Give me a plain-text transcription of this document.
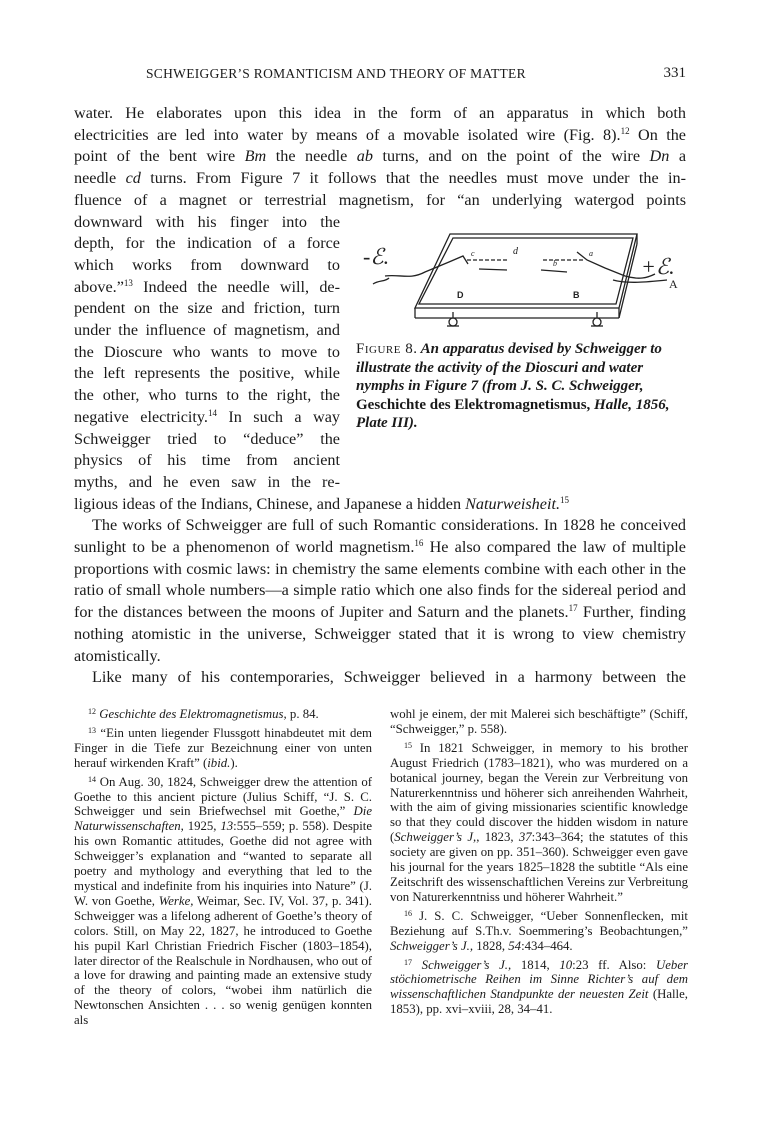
SCHWEIGGER’S ROMANTICISM AND THEORY OF MATTER	331

water. He elaborates upon this idea in the form of an apparatus in which both

electricities are led into water by means of a movable isolated wire (Fig. 8).$^{12}$ On the

point of the bent wire Bm the needle ab turns, and on the point of the wire Dn a

needle cd turns. From Figure 7 it follows that the needles must move under the in-

fluence of a magnet or terrestrial magnetism, for “an underlying watergod points

downward with his finger into the

depth, for the indication of a force

which works from downward to

above.”$^{13}$ Indeed the needle will, de-

pendent on the size and friction, turn

under the influence of magnetism, and

the Dioscure who wants to move to

the left represents the positive, while

the other, who turns to the right, the

negative electricity.$^{14}$ In such a way

Schweigger tried to “deduce” the

physics of his time from ancient

myths, and he even saw in the re-

ligious ideas of the Indians, Chinese, and Japanese a hidden Naturweisheit.$^{15}$

The works of Schweigger are full of such Romantic considerations. In 1828 he conceived sunlight to be a phenomenon of world magnetism.$^{16}$ He also compared the law of multiple proportions with cosmic laws: in chemistry the same elements combine with each other in the ratio of small whole numbers—a simple ratio which one also finds for the sidereal period and for the distances between the moons of Jupiter and Saturn and the planets.$^{17}$ Further, finding nothing atomistic in the universe, Schweigger stated that it is wrong to view chemistry atomistically.

Like many of his contemporaries, Schweigger believed in a harmony between the

-ℰ.	+ℰ.
A
D	B
c	d	a
b
Figure 8. An apparatus devised by Schweigger to illustrate the activity of the Dioscuri and water nymphs in Figure 7 (from J. S. C. Schweigger, Geschichte des Elektromagnetismus, Halle, 1856, Plate III).

$^{12}$ Geschichte des Elektromagnetismus, p. 84.

$^{13}$ “Ein unten liegender Flussgott hinabdeutet mit dem Finger in die Tiefe zur Bezeichnung einer von unten herauf wirkenden Kraft” (ibid.).

$^{14}$ On Aug. 30, 1824, Schweigger drew the attention of Goethe to this ancient picture (Julius Schiff, “J. S. C. Schweigger und sein Briefwechsel mit Goethe,” Die Naturwissenschaften, 1925, 13:555–559; p. 558). Despite his own Romantic attitudes, Goethe did not agree with Schweigger’s explanation and “wanted to separate all poetry and mythology and everything that led to the mystical and indefinite from his inquiries into Nature” (J. W. von Goethe, Werke, Weimar, Sec. IV, Vol. 37, p. 341). Schweigger was a lifelong adherent of Goethe’s theory of colors. Still, on May 22, 1827, he introduced to Goethe his pupil Karl Christian Friedrich Fischer (1803–1854), later director of the Realschule in Nordhausen, who out of a love for drawing and painting made an extensive study of the theory of colors, “wobei ihm natürlich die Newtonschen Ansichten . . . so wenig genügen konnten als

wohl je einem, der mit Malerei sich beschäftigte” (Schiff, “Schweigger,” p. 558).

$^{15}$ In 1821 Schweigger, in memory to his brother August Friedrich (1783–1821), who was murdered on a botanical journey, began the Verein zur Verbreitung von Naturerkenntniss und höherer sich anreihenden Wahrheit, with the aim of giving missionaries scientific knowledge so that they could discover the hidden wisdom in nature (Schweigger’s J,, 1823, 37:343–364; the statutes of this society are given on pp. 351–360). Schweigger even gave his journal for the years 1825–1828 the subtitle “Als eine Zeitschrift des wissenschaftlichen Vereins zur Verbreitung von Naturerkenntniss und höherer Wahrheit.”

$^{16}$ J. S. C. Schweigger, “Ueber Sonnenflecken, mit Beziehung auf S.Th.v. Soemmering’s Beobachtungen,” Schweigger’s J., 1828, 54:434–464.

$^{17}$ Schweigger’s J., 1814, 10:23 ff. Also: Ueber stöchiometrische Reihen im Sinne Richter’s auf dem wissenschaftlichen Standpunkte der neuesten Zeit (Halle, 1853), pp. xvi–xviii, 28, 34–41.
